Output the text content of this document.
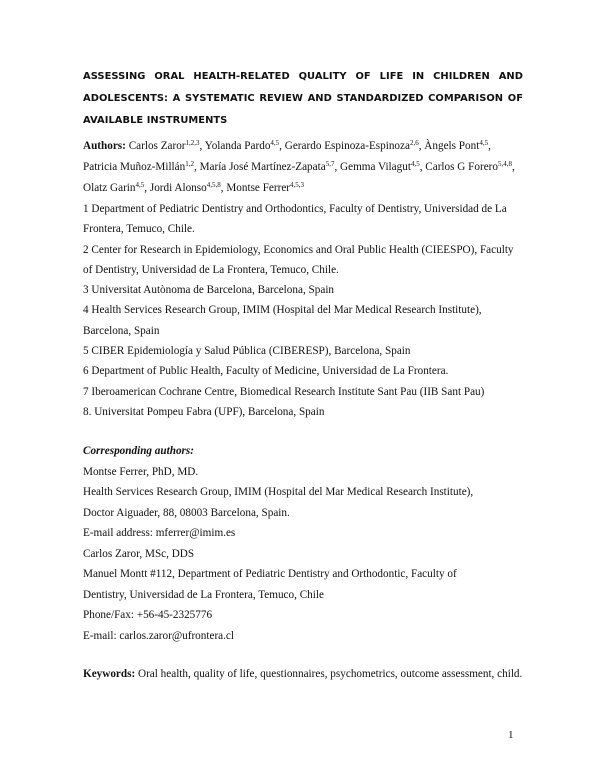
ASSESSING ORAL HEALTH-RELATED QUALITY OF LIFE IN CHILDREN AND ADOLESCENTS: A SYSTEMATIC REVIEW AND STANDARDIZED COMPARISON OF AVAILABLE INSTRUMENTS
Authors: Carlos Zaror$^{1,2,3}$, Yolanda Pardo$^{4,5}$, Gerardo Espinoza-Espinoza$^{2,6}$, Àngels Pont$^{4,5}$, Patricia Muñoz-Millán$^{1,2}$, María José Martínez-Zapata$^{5,7}$, Gemma Vilagut$^{4,5}$, Carlos G Forero$^{5,4,8}$, Olatz Garin$^{4,5}$, Jordi Alonso$^{4,5,8}$, Montse Ferrer$^{4,5,3}$
1 Department of Pediatric Dentistry and Orthodontics, Faculty of Dentistry, Universidad de La Frontera, Temuco, Chile.
2 Center for Research in Epidemiology, Economics and Oral Public Health (CIEESPO), Faculty of Dentistry, Universidad de La Frontera, Temuco, Chile.
3 Universitat Autònoma de Barcelona, Barcelona, Spain
4 Health Services Research Group, IMIM (Hospital del Mar Medical Research Institute), Barcelona, Spain
5 CIBER Epidemiología y Salud Pública (CIBERESP), Barcelona, Spain
6 Department of Public Health, Faculty of Medicine, Universidad de La Frontera.
7 Iberoamerican Cochrane Centre, Biomedical Research Institute Sant Pau (IIB Sant Pau)
8. Universitat Pompeu Fabra (UPF), Barcelona, Spain
Corresponding authors:
Montse Ferrer, PhD, MD.
Health Services Research Group, IMIM (Hospital del Mar Medical Research Institute),
Doctor Aiguader, 88, 08003 Barcelona, Spain.
E-mail address: mferrer@imim.es
Carlos Zaror, MSc, DDS
Manuel Montt #112, Department of Pediatric Dentistry and Orthodontic, Faculty of
Dentistry, Universidad de La Frontera, Temuco, Chile
Phone/Fax: +56-45-2325776
E-mail: carlos.zaror@ufrontera.cl
Keywords: Oral health, quality of life, questionnaires, psychometrics, outcome assessment, child.
1
